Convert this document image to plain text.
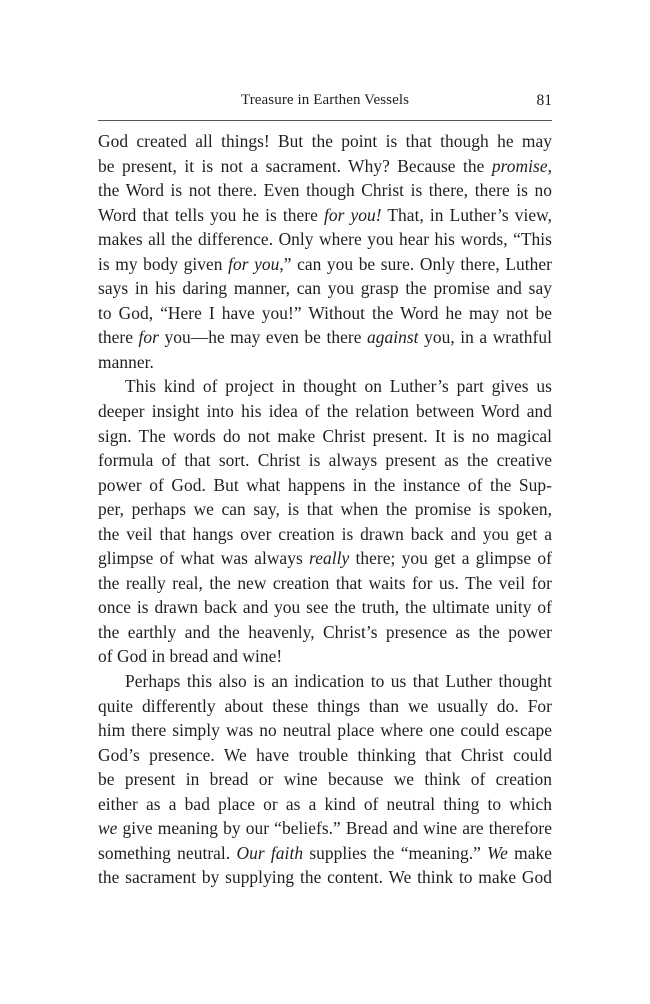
Treasure in Earthen Vessels	81
God created all things! But the point is that though he may
be present, it is not a sacrament. Why? Because the promise,
the Word is not there. Even though Christ is there, there is no
Word that tells you he is there for you! That, in Luther’s view,
makes all the difference. Only where you hear his words, “This
is my body given for you,” can you be sure. Only there, Luther
says in his daring manner, can you grasp the promise and say
to God, “Here I have you!” Without the Word he may not be
there for you—he may even be there against you, in a wrathful
manner.
This kind of project in thought on Luther’s part gives us
deeper insight into his idea of the relation between Word and
sign. The words do not make Christ present. It is no magical
formula of that sort. Christ is always present as the creative
power of God. But what happens in the instance of the Sup-
per, perhaps we can say, is that when the promise is spoken,
the veil that hangs over creation is drawn back and you get a
glimpse of what was always really there; you get a glimpse of
the really real, the new creation that waits for us. The veil for
once is drawn back and you see the truth, the ultimate unity of
the earthly and the heavenly, Christ’s presence as the power
of God in bread and wine!
Perhaps this also is an indication to us that Luther thought
quite differently about these things than we usually do. For
him there simply was no neutral place where one could escape
God’s presence. We have trouble thinking that Christ could
be present in bread or wine because we think of creation
either as a bad place or as a kind of neutral thing to which
we give meaning by our “beliefs.” Bread and wine are therefore
something neutral. Our faith supplies the “meaning.” We make
the sacrament by supplying the content. We think to make God
